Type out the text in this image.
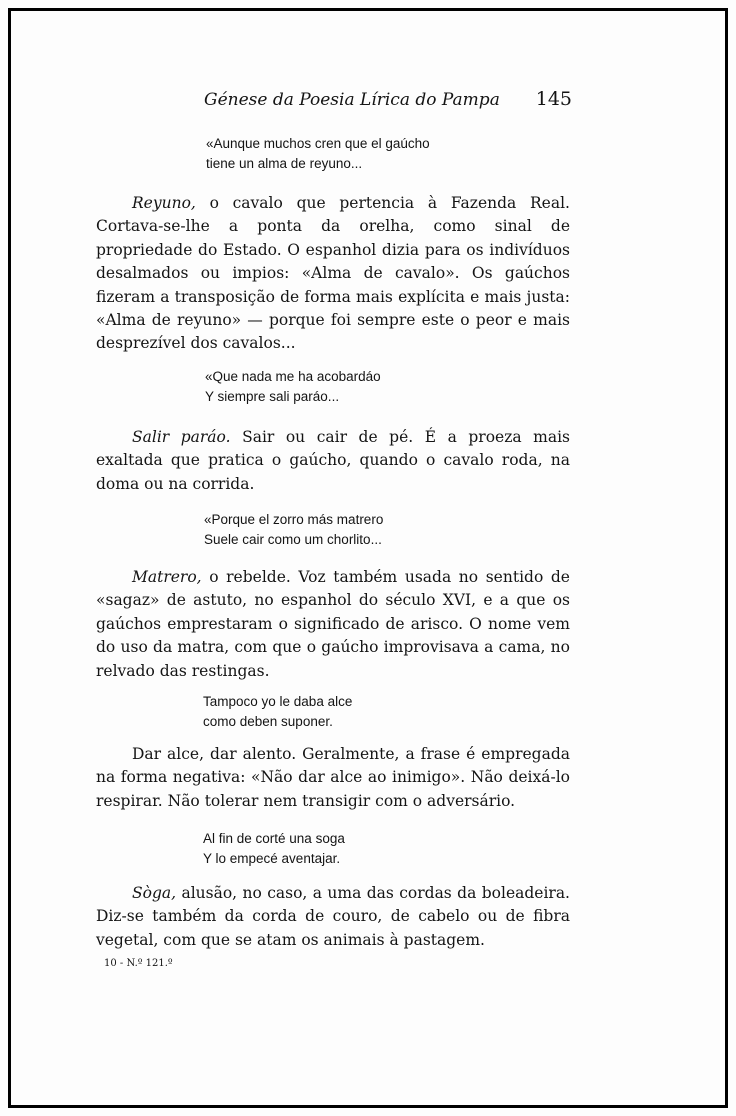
Génese da Poesia Lírica do Pampa 145
«Aunque muchos cren que el gaúcho
tiene un alma de reyuno...

Reyuno, o cavalo que pertencia à Fazenda Real. Cortava-se-lhe a ponta da orelha, como sinal de propriedade do Estado. O espanhol dizia para os indivíduos desalmados ou impios: «Alma de cavalo». Os gaúchos fizeram a transposição de forma mais explícita e mais justa: «Alma de reyuno» — porque foi sempre este o peor e mais desprezível dos cavalos...

«Que nada me ha acobardáo
Y siempre sali paráo...

Salir paráo. Sair ou cair de pé. É a proeza mais exaltada que pratica o gaúcho, quando o cavalo roda, na doma ou na corrida.

«Porque el zorro más matrero
Suele cair como um chorlito...

Matrero, o rebelde. Voz também usada no sentido de «sagaz» de astuto, no espanhol do século XVI, e a que os gaúchos emprestaram o significado de arisco. O nome vem do uso da matra, com que o gaúcho improvisava a cama, no relvado das restingas.

Tampoco yo le daba alce
como deben suponer.

Dar alce, dar alento. Geralmente, a frase é empregada na forma negativa: «Não dar alce ao inimigo». Não deixá-lo respirar. Não tolerar nem transigir com o adversário.

Al fin de corté una soga
Y lo empecé aventajar.

Sòga, alusão, no caso, a uma das cordas da boleadeira. Diz-se também da corda de couro, de cabelo ou de fibra vegetal, com que se atam os animais à pastagem.

10 - N.º 121.º
